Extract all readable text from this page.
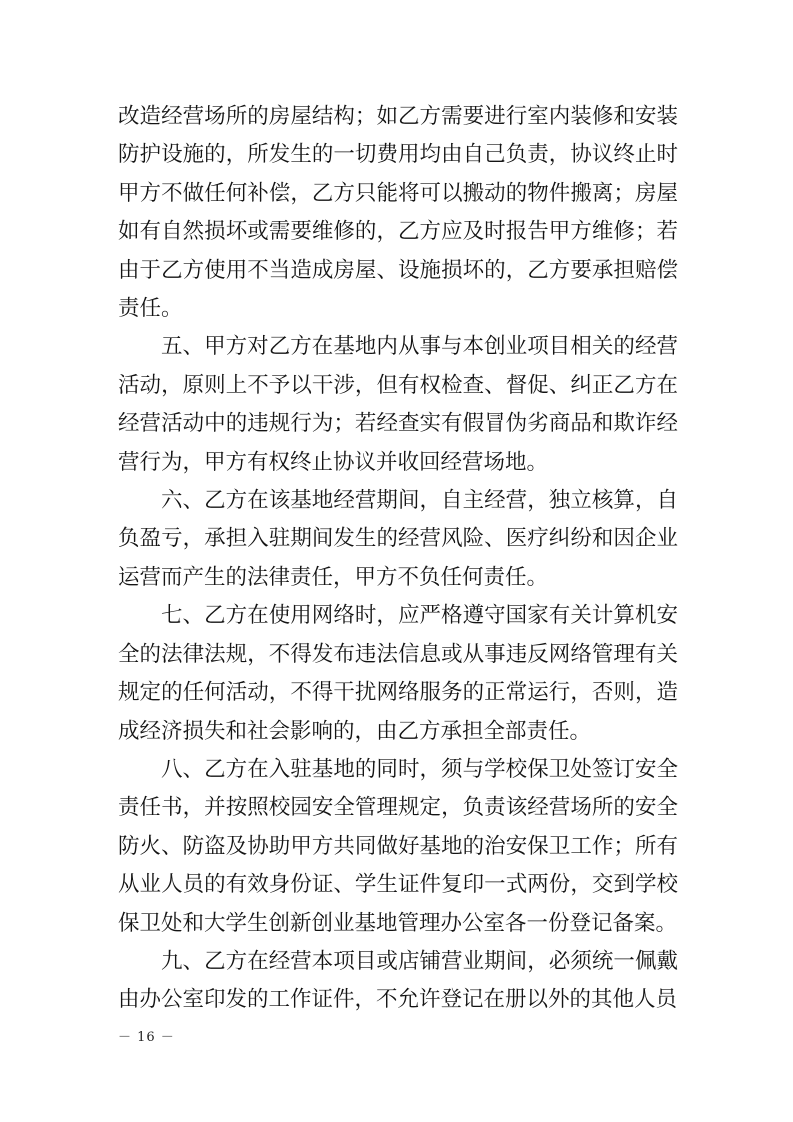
改造经营场所的房屋结构；如乙方需要进行室内装修和安装防护设施的，所发生的一切费用均由自己负责，协议终止时甲方不做任何补偿，乙方只能将可以搬动的物件搬离；房屋如有自然损坏或需要维修的，乙方应及时报告甲方维修；若由于乙方使用不当造成房屋、设施损坏的，乙方要承担赔偿责任。

五、甲方对乙方在基地内从事与本创业项目相关的经营活动，原则上不予以干涉，但有权检查、督促、纠正乙方在经营活动中的违规行为；若经查实有假冒伪劣商品和欺诈经营行为，甲方有权终止协议并收回经营场地。

六、乙方在该基地经营期间，自主经营，独立核算，自负盈亏，承担入驻期间发生的经营风险、医疗纠纷和因企业运营而产生的法律责任，甲方不负任何责任。

七、乙方在使用网络时，应严格遵守国家有关计算机安全的法律法规，不得发布违法信息或从事违反网络管理有关规定的任何活动，不得干扰网络服务的正常运行，否则，造成经济损失和社会影响的，由乙方承担全部责任。

八、乙方在入驻基地的同时，须与学校保卫处签订安全责任书，并按照校园安全管理规定，负责该经营场所的安全防火、防盗及协助甲方共同做好基地的治安保卫工作；所有从业人员的有效身份证、学生证件复印一式两份，交到学校保卫处和大学生创新创业基地管理办公室各一份登记备案。

九、乙方在经营本项目或店铺营业期间，必须统一佩戴由办公室印发的工作证件，不允许登记在册以外的其他人员

－ 16 －
